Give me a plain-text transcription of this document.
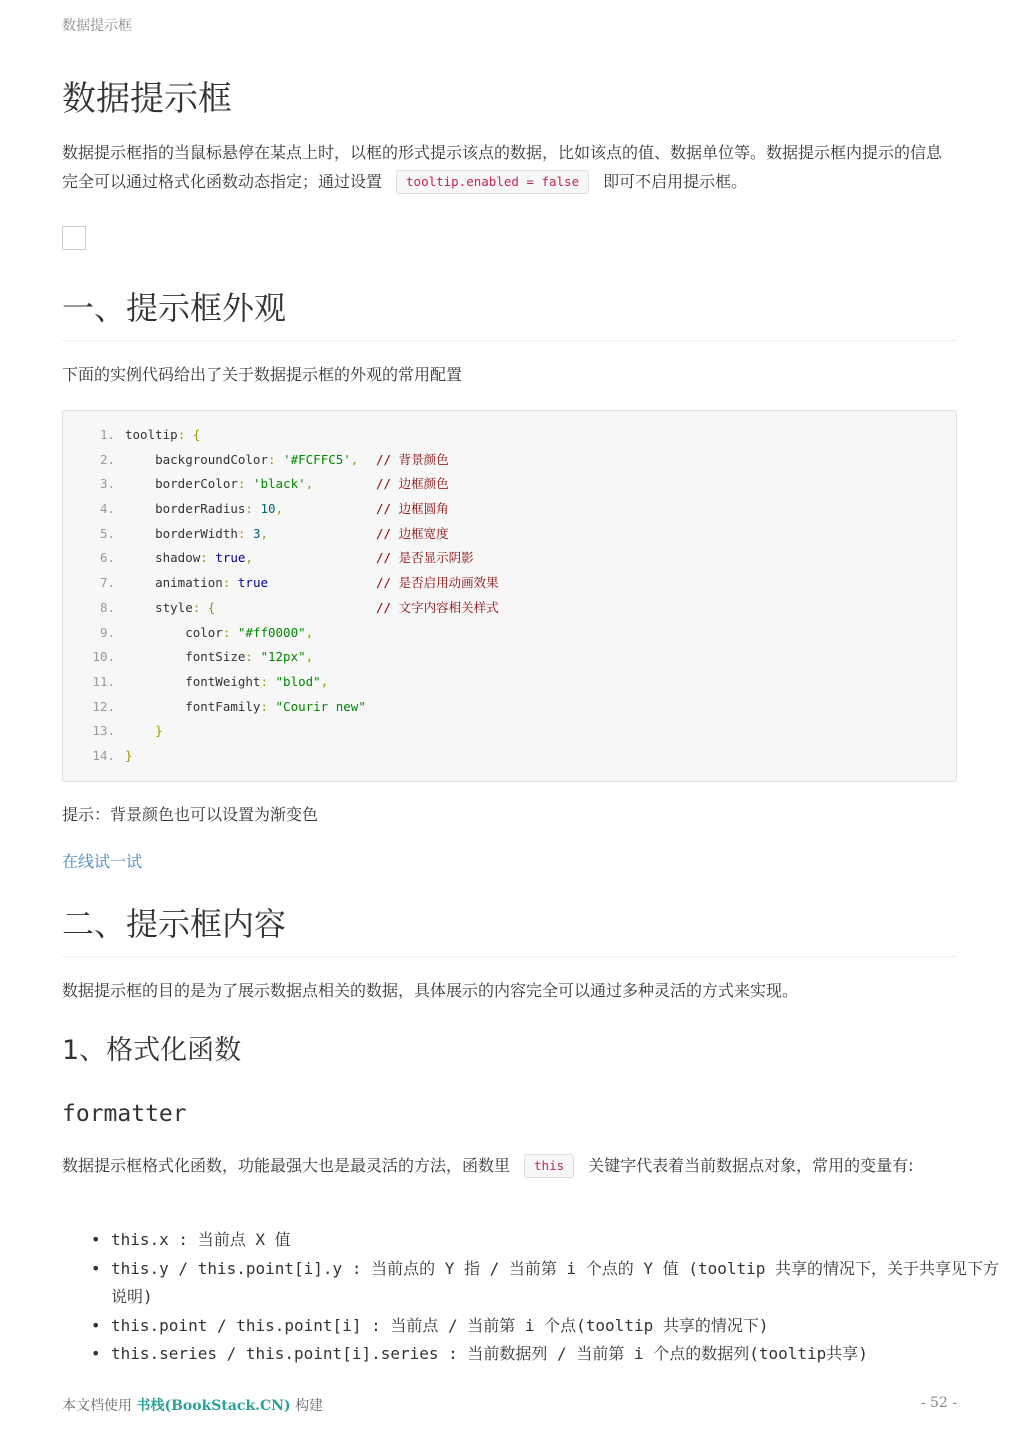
数据提示框
数据提示框

数据提示框指的当鼠标悬停在某点上时，以框的形式提示该点的数据，比如该点的值、数据单位等。数据提示框内提示的信息完全可以通过格式化函数动态指定；通过设置 tooltip.enabled = false 即可不启用提示框。

一、提示框外观

下面的实例代码给出了关于数据提示框的外观的常用配置

1. tooltip: {
2. backgroundColor: '#FCFFC5', // 背景颜色
3. borderColor: 'black',	// 边框颜色
4. borderRadius: 10,	// 边框圆角
5. borderWidth: 3,	// 边框宽度
6. shadow: true,	// 是否显示阴影
7. animation: true	// 是否启用动画效果
8. style: {	// 文字内容相关样式
9. color: "#ff0000",
10. fontSize: "12px",
11. fontWeight: "blod",
12. fontFamily: "Courir new"
13.	}
14. }

提示：背景颜色也可以设置为渐变色

在线试一试
二、提示框内容

数据提示框的目的是为了展示数据点相关的数据，具体展示的内容完全可以通过多种灵活的方式来实现。

1、格式化函数
formatter

数据提示框格式化函数，功能最强大也是最灵活的方法，函数里 this 关键字代表着当前数据点对象，常用的变量有:

• this.x : 当前点 X 值
• this.y / this.point[i].y : 当前点的 Y 指 / 当前第 i 个点的 Y 值 (tooltip 共享的情况下，关于共享见下方说明)
• this.point / this.point[i] : 当前点 / 当前第 i 个点(tooltip 共享的情况下)
• this.series / this.point[i].series : 当前数据列 / 当前第 i 个点的数据列(tooltip共享)
本文档使用 书栈(BookStack.CN) 构建	- 52 -
